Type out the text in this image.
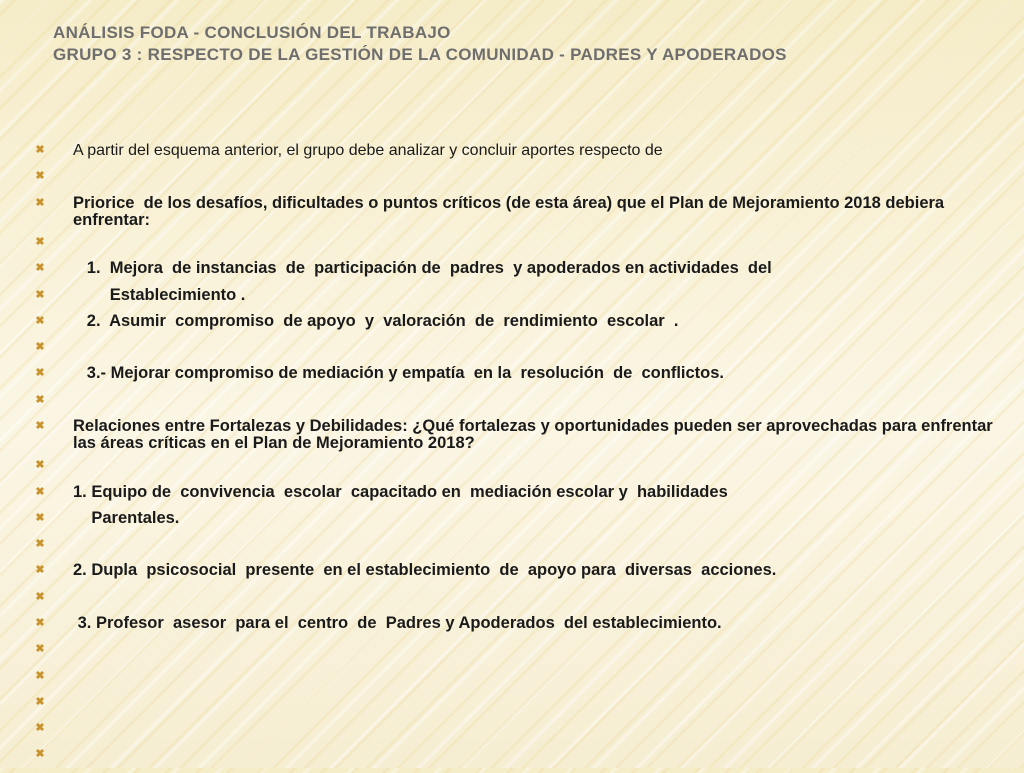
ANÁLISIS FODA - CONCLUSIÓN DEL TRABAJO
GRUPO 3 : RESPECTO DE LA GESTIÓN DE LA COMUNIDAD - PADRES Y APODERADOS
✖ A partir del esquema anterior, el grupo debe analizar y concluir aportes respecto de
✖
✖ Priorice  de los desafíos, dificultades o puntos críticos (de esta área) que el Plan de Mejoramiento 2018 debiera enfrentar:
✖
✖ 1.  Mejora  de instancias  de  participación de  padres  y apoderados en actividades  del
✖ Establecimiento .
✖ 2.  Asumir  compromiso  de apoyo  y  valoración  de  rendimiento  escolar  .
✖
✖ 3.- Mejorar compromiso de mediación y empatía  en la  resolución  de  conflictos.
✖
✖ Relaciones entre Fortalezas y Debilidades: ¿Qué fortalezas y oportunidades pueden ser aprovechadas para enfrentar las áreas críticas en el Plan de Mejoramiento 2018?
✖
✖ 1. Equipo de  convivencia  escolar  capacitado en  mediación escolar y  habilidades
✖ Parentales.
✖
✖ 2. Dupla  psicosocial  presente  en el establecimiento  de  apoyo para  diversas  acciones.
✖
✖ 3. Profesor  asesor  para el  centro  de  Padres y Apoderados  del establecimiento.
✖
✖
✖
✖
✖
